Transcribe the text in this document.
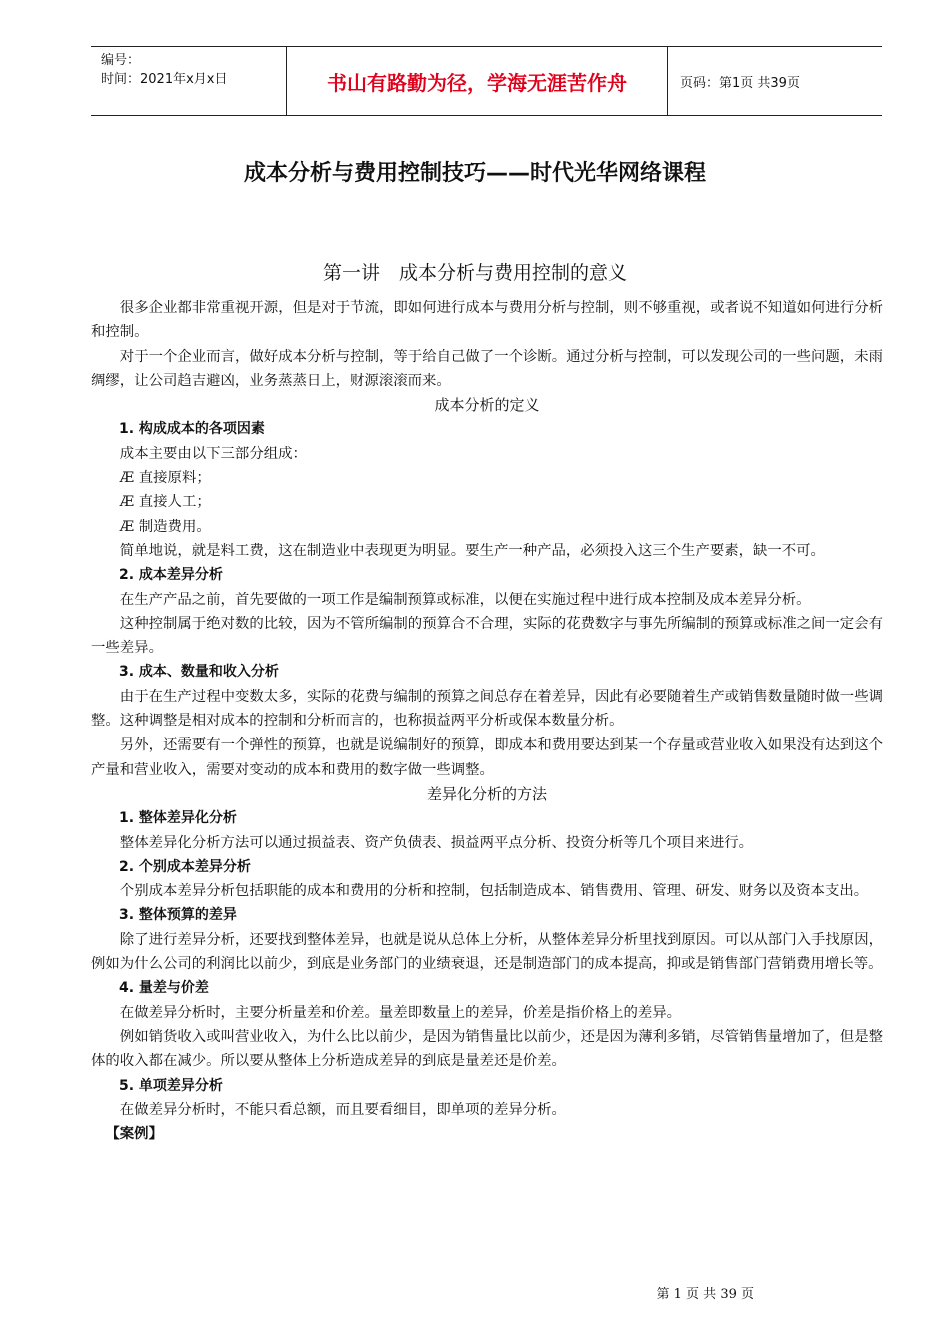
编号：
时间：2021年x月x日	书山有路勤为径，学海无涯苦作舟	页码：第1页 共39页
成本分析与费用控制技巧——时代光华网络课程
第一讲　成本分析与费用控制的意义

很多企业都非常重视开源，但是对于节流，即如何进行成本与费用分析与控制，则不够重视，或者说不知道如何进行分析和控制。

对于一个企业而言，做好成本分析与控制，等于给自己做了一个诊断。通过分析与控制，可以发现公司的一些问题，未雨绸缪，让公司趋吉避凶，业务蒸蒸日上，财源滚滚而来。

成本分析的定义

1. 构成成本的各项因素

成本主要由以下三部分组成：

Æ 直接原料；

Æ 直接人工；

Æ 制造费用。

简单地说，就是料工费，这在制造业中表现更为明显。要生产一种产品，必须投入这三个生产要素，缺一不可。

2. 成本差异分析

在生产产品之前，首先要做的一项工作是编制预算或标准，以便在实施过程中进行成本控制及成本差异分析。

这种控制属于绝对数的比较，因为不管所编制的预算合不合理，实际的花费数字与事先所编制的预算或标准之间一定会有一些差异。

3. 成本、数量和收入分析

由于在生产过程中变数太多，实际的花费与编制的预算之间总存在着差异，因此有必要随着生产或销售数量随时做一些调整。这种调整是相对成本的控制和分析而言的，也称损益两平分析或保本数量分析。

另外，还需要有一个弹性的预算，也就是说编制好的预算，即成本和费用要达到某一个存量或营业收入如果没有达到这个产量和营业收入，需要对变动的成本和费用的数字做一些调整。

差异化分析的方法

1. 整体差异化分析

整体差异化分析方法可以通过损益表、资产负债表、损益两平点分析、投资分析等几个项目来进行。

2. 个别成本差异分析

个别成本差异分析包括职能的成本和费用的分析和控制，包括制造成本、销售费用、管理、研发、财务以及资本支出。

3. 整体预算的差异

除了进行差异分析，还要找到整体差异，也就是说从总体上分析，从整体差异分析里找到原因。可以从部门入手找原因，例如为什么公司的利润比以前少，到底是业务部门的业绩衰退，还是制造部门的成本提高，抑或是销售部门营销费用增长等。

4. 量差与价差

在做差异分析时，主要分析量差和价差。量差即数量上的差异，价差是指价格上的差异。

例如销货收入或叫营业收入，为什么比以前少，是因为销售量比以前少，还是因为薄利多销，尽管销售量增加了，但是整体的收入都在减少。所以要从整体上分析造成差异的到底是量差还是价差。

5. 单项差异分析

在做差异分析时，不能只看总额，而且要看细目，即单项的差异分析。

【案例】

第 1 页 共 39 页
